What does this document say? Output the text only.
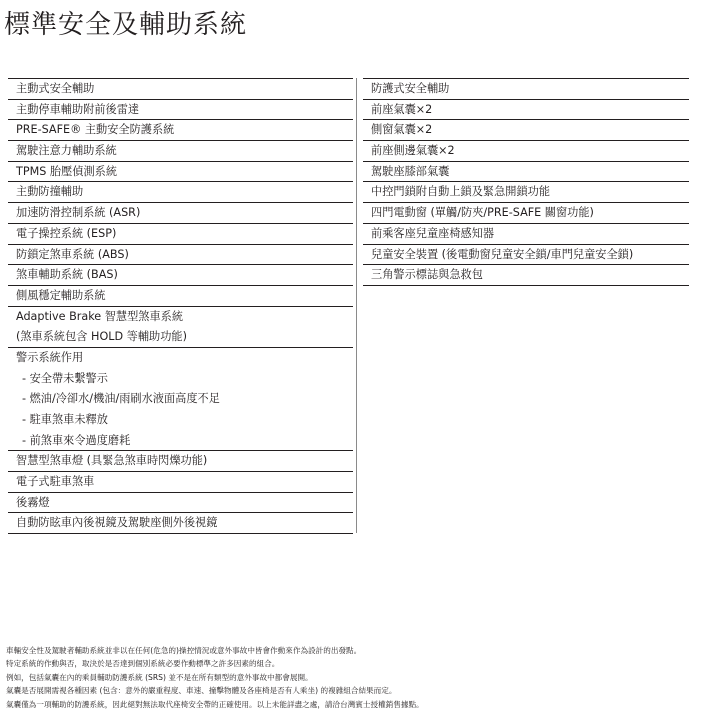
標準安全及輔助系統
主動式安全輔助
主動停車輔助附前後雷達
PRE-SAFE® 主動安全防護系統
駕駛注意力輔助系統
TPMS 胎壓偵測系統
主動防撞輔助
加速防滑控制系統 (ASR)
電子操控系統 (ESP)
防鎖定煞車系統 (ABS)
煞車輔助系統 (BAS)
側風穩定輔助系統
Adaptive Brake 智慧型煞車系統
(煞車系統包含 HOLD 等輔助功能)
警示系統作用
- 安全帶未繫警示
- 燃油/冷卻水/機油/雨刷水液面高度不足
- 駐車煞車未釋放
- 前煞車來令過度磨耗
智慧型煞車燈 (具緊急煞車時閃爍功能)
電子式駐車煞車
後霧燈
自動防眩車內後視鏡及駕駛座側外後視鏡
防護式安全輔助
前座氣囊×2
側窗氣囊×2
前座側邊氣囊×2
駕駛座膝部氣囊
中控門鎖附自動上鎖及緊急開鎖功能
四門電動窗 (單觸/防夾/PRE-SAFE 關窗功能)
前乘客座兒童座椅感知器
兒童安全裝置 (後電動窗兒童安全鎖/車門兒童安全鎖)
三角警示標誌與急救包
車輛安全性及駕駛者輔助系統並非以在任何(危急的)操控情況或意外事故中皆會作動來作為設計的出發點。
特定系統的作動與否，取決於是否達到個別系統必要作動標準之許多因素的組合。
例如，包括氣囊在內的乘員輔助防護系統 (SRS) 並不是在所有類型的意外事故中都會展開。
氣囊是否展開需視各種因素 (包含：意外的嚴重程度、車速、撞擊物體及各座椅是否有人乘坐) 的複雜組合結果而定。
氣囊僅為一項輔助的防護系統，因此絕對無法取代座椅安全帶的正確使用。以上未能詳盡之處，請洽台灣賓士授權銷售據點。
